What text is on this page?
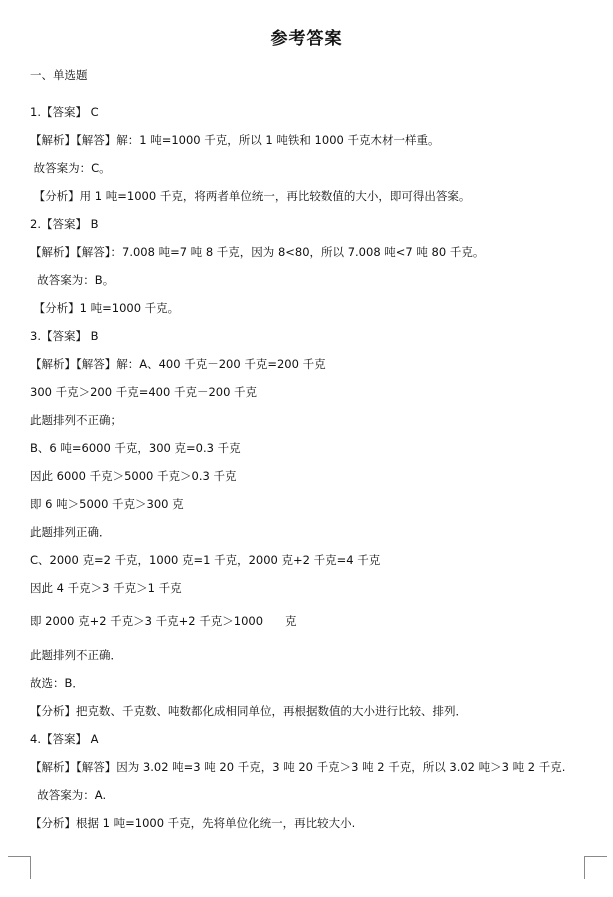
参考答案
一、单选题
1.【答案】 C
【解析】【解答】解：1 吨=1000 千克，所以 1 吨铁和 1000 千克木材一样重。
故答案为：C。
【分析】用 1 吨=1000 千克，将两者单位统一，再比较数值的大小，即可得出答案。
2.【答案】 B
【解析】【解答】：7.008 吨=7 吨 8 千克，因为 8<80，所以 7.008 吨<7 吨 80 千克。
故答案为：B。
【分析】1 吨=1000 千克。
3.【答案】 B
【解析】【解答】解：A、400 千克－200 千克=200 千克
300 千克＞200 千克=400 千克－200 千克
此题排列不正确；
B、6 吨=6000 千克，300 克=0.3 千克
因此 6000 千克＞5000 千克＞0.3 千克
即 6 吨＞5000 千克＞300 克
此题排列正确．
C、2000 克=2 千克，1000 克=1 千克，2000 克+2 千克=4 千克
因此 4 千克＞3 千克＞1 千克
即 2000 克+2 千克＞3 千克+2 千克＞1000      克
此题排列不正确．
故选：B．
【分析】把克数、千克数、吨数都化成相同单位，再根据数值的大小进行比较、排列．
4.【答案】 A
【解析】【解答】因为 3.02 吨=3 吨 20 千克，3 吨 20 千克＞3 吨 2 千克，所以 3.02 吨＞3 吨 2 千克.
故答案为：A.
【分析】根据 1 吨=1000 千克，先将单位化统一，再比较大小.
